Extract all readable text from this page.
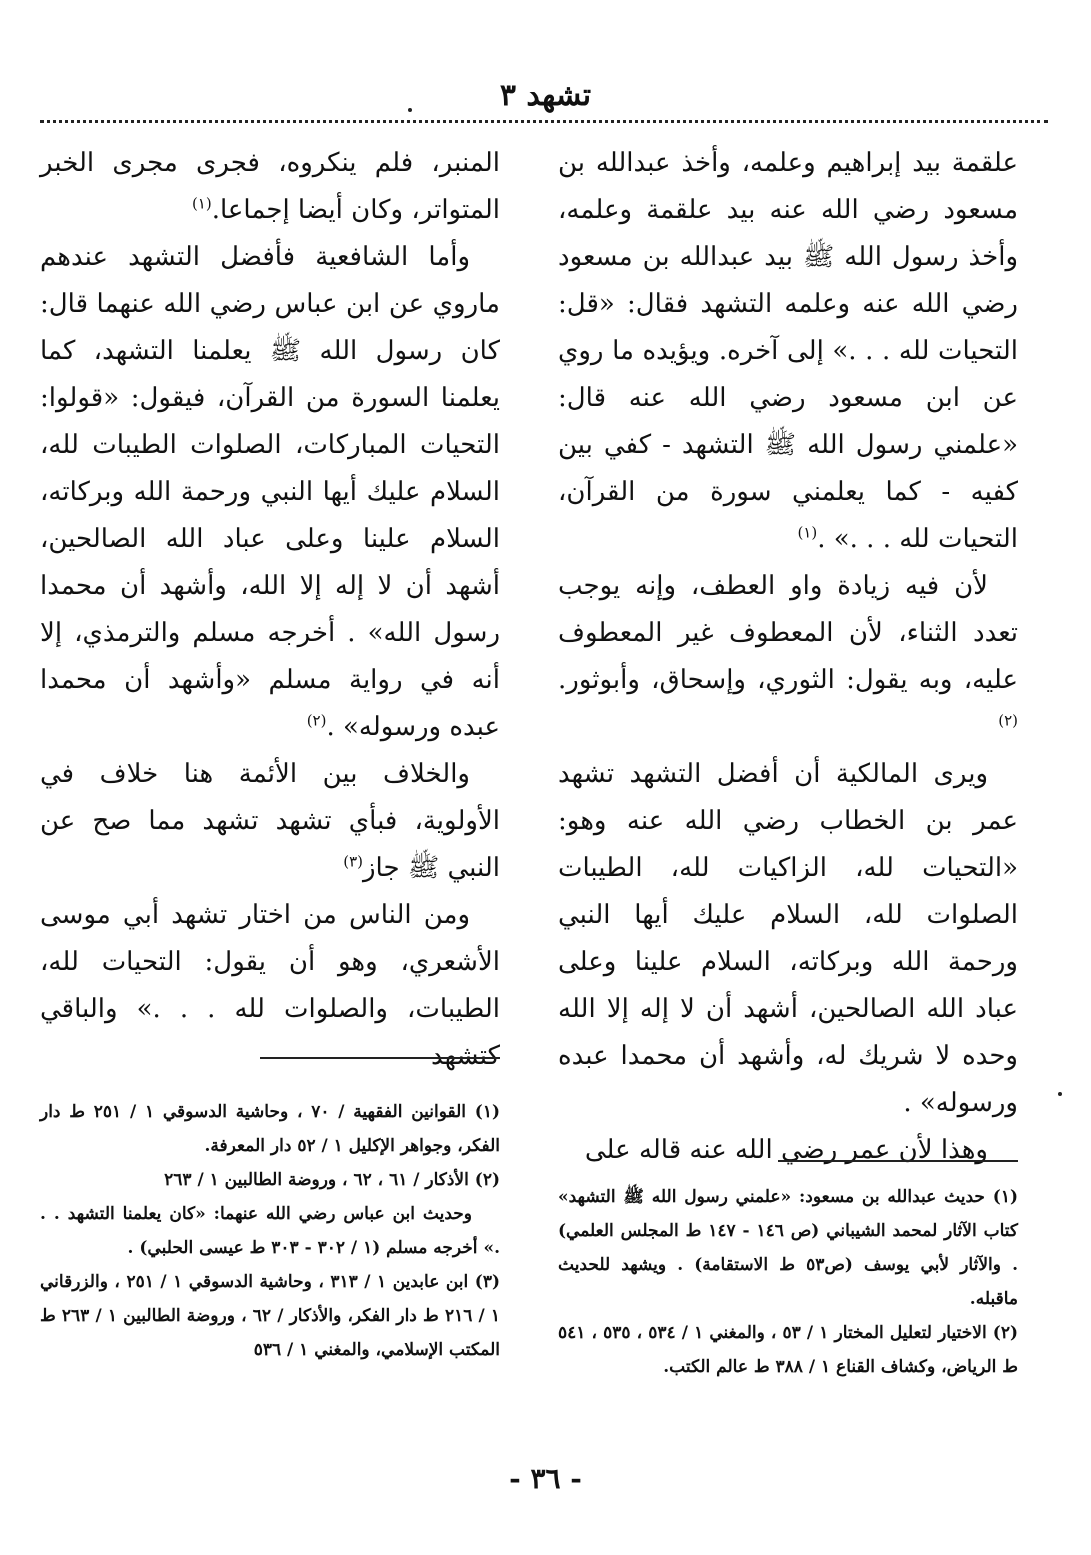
تشهد ٣

علقمة بيد إبراهيم وعلمه، وأخذ عبدالله بن مسعود رضي الله عنه بيد علقمة وعلمه، وأخذ رسول الله ﷺ بيد عبدالله بن مسعود رضي الله عنه وعلمه التشهد فقال: «قل: التحيات لله . . .» إلى آخره. ويؤيده ما روي عن ابن مسعود رضي الله عنه قال: «علمني رسول الله ﷺ التشهد - كفي بين كفيه - كما يعلمني سورة من القرآن، التحيات لله . . .» .$^{(١)}$

لأن فيه زيادة واو العطف، وإنه يوجب تعدد الثناء، لأن المعطوف غير المعطوف عليه، وبه يقول: الثوري، وإسحاق، وأبوثور.$^{(٢)}$

ويرى المالكية أن أفضل التشهد تشهد عمر بن الخطاب رضي الله عنه وهو: «التحيات لله، الزاكيات لله، الطيبات الصلوات لله، السلام عليك أيها النبي ورحمة الله وبركاته، السلام علينا وعلى عباد الله الصالحين، أشهد أن لا إله إلا الله وحده لا شريك له، وأشهد أن محمدا عبده ورسوله» .

وهذا لأن عمر رضي الله عنه قاله على

المنبر، فلم ينكروه، فجرى مجرى الخبر المتواتر، وكان أيضا إجماعا.$^{(١)}$

وأما الشافعية فأفضل التشهد عندهم ماروي عن ابن عباس رضي الله عنهما قال: كان رسول الله ﷺ يعلمنا التشهد، كما يعلمنا السورة من القرآن، فيقول: «قولوا: التحيات المباركات، الصلوات الطيبات لله، السلام عليك أيها النبي ورحمة الله وبركاته، السلام علينا وعلى عباد الله الصالحين، أشهد أن لا إله إلا الله، وأشهد أن محمدا رسول الله» . أخرجه مسلم والترمذي، إلا أنه في رواية مسلم «وأشهد أن محمدا عبده ورسوله» .$^{(٢)}$

والخلاف بين الأئمة هنا خلاف في الأولوية، فبأي تشهد تشهد مما صح عن النبي ﷺ جاز$^{(٣)}$

ومن الناس من اختار تشهد أبي موسى الأشعري، وهو أن يقول: التحيات لله، الطيبات، والصلوات لله . . .» والباقي كتشهد

(١) حديث عبدالله بن مسعود: «علمني رسول الله ﷺ التشهد» كتاب الآثار لمحمد الشيباني (ص ١٤٦ - ١٤٧ ط المجلس العلمي) . والآثار لأبي يوسف (ص٥٣ ط الاستقامة) . ويشهد للحديث ماقبله.

(٢) الاختيار لتعليل المختار ١ / ٥٣ ، والمغني ١ / ٥٣٤ ، ٥٣٥ ، ٥٤١ ط الرياض، وكشاف القناع ١ / ٣٨٨ ط عالم الكتب.

(١) القوانين الفقهية / ٧٠ ، وحاشية الدسوقي ١ / ٢٥١ ط دار الفكر، وجواهر الإكليل ١ / ٥٢ دار المعرفة.

(٢) الأذكار / ٦١ ، ٦٢ ، وروضة الطالبين ١ / ٢٦٣

وحديث ابن عباس رضي الله عنهما: «كان يعلمنا التشهد . . .» أخرجه مسلم (١ / ٣٠٢ - ٣٠٣ ط عيسى الحلبي) .

(٣) ابن عابدين ١ / ٣١٣ ، وحاشية الدسوقي ١ / ٢٥١ ، والزرقاني ١ / ٢١٦ ط دار الفكر، والأذكار / ٦٢ ، وروضة الطالبين ١ / ٢٦٣ ط المكتب الإسلامي، والمغني ١ / ٥٣٦

- ٣٦ -
